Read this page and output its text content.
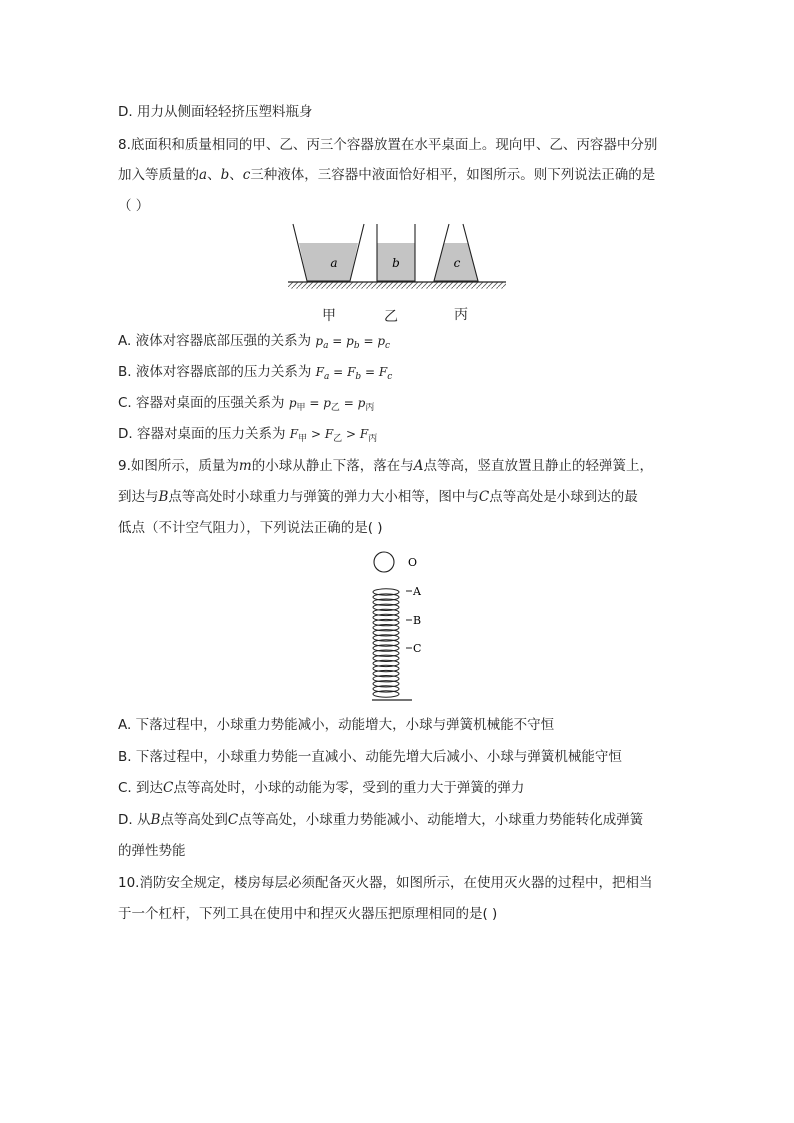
D. 用力从侧面轻轻挤压塑料瓶身
8.底面积和质量相同的甲、乙、丙三个容器放置在水平桌面上。现向甲、乙、丙容器中分别
加入等质量的a、b、c三种液体，三容器中液面恰好相平，如图所示。则下列说法正确的是
（ ）
a	b	c
甲	乙	丙
A. 液体对容器底部压强的关系为 $p_a = p_b = p_c$
B. 液体对容器底部的压力关系为 $F_a = F_b = F_c$
C. 容器对桌面的压强关系为 $p_甲 = p_乙 = p_丙$
D. 容器对桌面的压力关系为 $F_甲 > F_乙 > F_丙$
9.如图所示，质量为m的小球从静止下落，落在与A点等高，竖直放置且静止的轻弹簧上，
到达与B点等高处时小球重力与弹簧的弹力大小相等，图中与C点等高处是小球到达的最
低点（不计空气阻力），下列说法正确的是( )
O
A
B
C
A. 下落过程中，小球重力势能减小，动能增大，小球与弹簧机械能不守恒
B. 下落过程中，小球重力势能一直减小、动能先增大后减小、小球与弹簧机械能守恒
C. 到达C点等高处时，小球的动能为零，受到的重力大于弹簧的弹力
D. 从B点等高处到C点等高处，小球重力势能减小、动能增大，小球重力势能转化成弹簧
的弹性势能
10.消防安全规定，楼房每层必须配备灭火器，如图所示，在使用灭火器的过程中，把相当
于一个杠杆，下列工具在使用中和捏灭火器压把原理相同的是( )
